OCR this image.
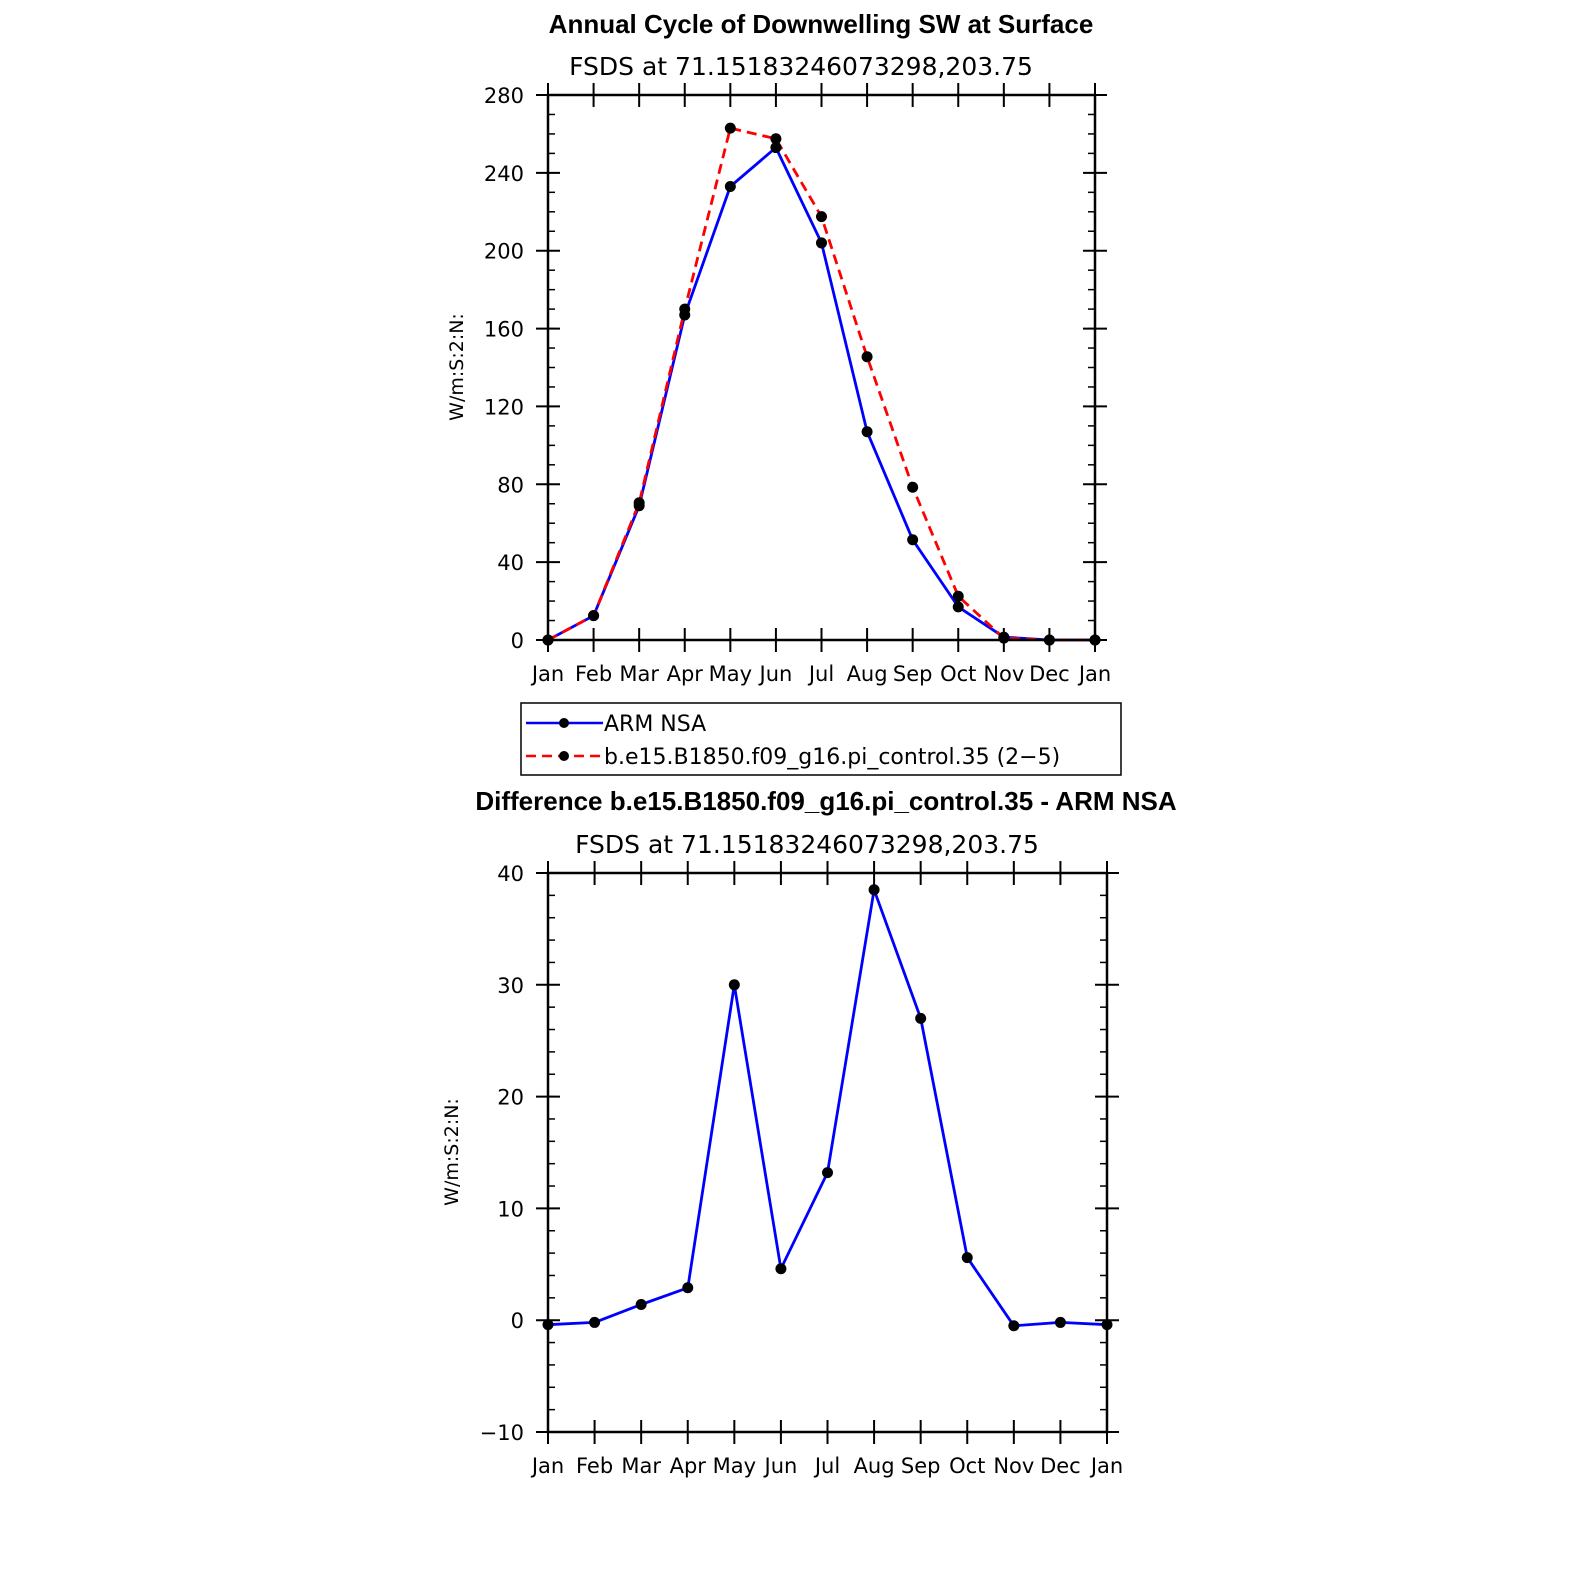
Annual Cycle of Downwelling SW at Surface
FSDS at 71.15183246073298,203.75
W/m:S:2:N:
Jan Feb Mar Apr May Jun Jul Aug Sep Oct Nov Dec Jan
0
40
80
120
160
200
240
280
ARM NSA
b.e15.B1850.f09_g16.pi_control.35 (2−5)
Difference b.e15.B1850.f09_g16.pi_control.35 - ARM NSA
FSDS at 71.15183246073298,203.75
W/m:S:2:N:
Jan Feb Mar Apr May Jun Jul Aug Sep Oct Nov Dec Jan
−10
0
10
20
30
40
